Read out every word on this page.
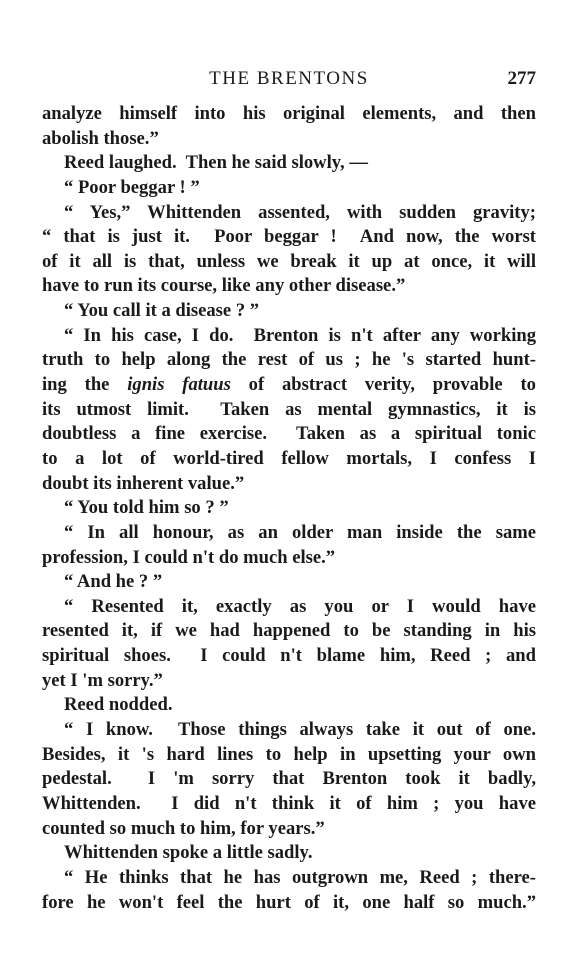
THE BRENTONS	277
analyze himself into his original elements, and then
abolish those.”
Reed laughed.  Then he said slowly, —
“ Poor beggar ! ”
“ Yes,” Whittenden assented, with sudden gravity;
“ that is just it.  Poor beggar !  And now, the worst
of it all is that, unless we break it up at once, it will
have to run its course, like any other disease.”
“ You call it a disease ? ”
“ In his case, I do.  Brenton is n't after any working
truth to help along the rest of us ; he 's started hunt-
ing the ignis fatuus of abstract verity, provable to
its utmost limit.  Taken as mental gymnastics, it is
doubtless a fine exercise.  Taken as a spiritual tonic
to a lot of world-tired fellow mortals, I confess I
doubt its inherent value.”
“ You told him so ? ”
“ In all honour, as an older man inside the same
profession, I could n't do much else.”
“ And he ? ”
“ Resented it, exactly as you or I would have
resented it, if we had happened to be standing in his
spiritual shoes.  I could n't blame him, Reed ; and
yet I 'm sorry.”
Reed nodded.
“ I know.  Those things always take it out of one.
Besides, it 's hard lines to help in upsetting your own
pedestal.  I 'm sorry that Brenton took it badly,
Whittenden.  I did n't think it of him ; you have
counted so much to him, for years.”
Whittenden spoke a little sadly.
“ He thinks that he has outgrown me, Reed ; there-
fore he won't feel the hurt of it, one half so much.”
